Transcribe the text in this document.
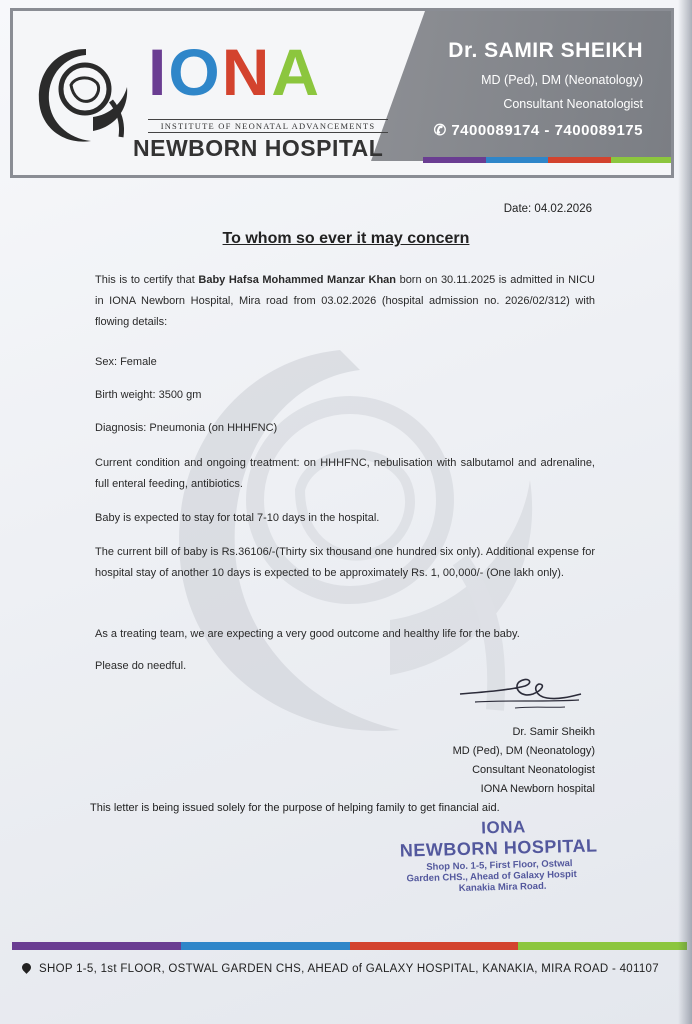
IONA
INSTITUTE OF NEONATAL ADVANCEMENTS
NEWBORN HOSPITAL
Dr. SAMIR SHEIKH
MD (Ped), DM (Neonatology)
Consultant Neonatologist
✆ 7400089174 - 7400089175
Date: 04.02.2026
To whom so ever it may concern
This is to certify that Baby Hafsa Mohammed Manzar Khan born on 30.11.2025 is admitted in NICU in IONA Newborn Hospital, Mira road from 03.02.2026 (hospital admission no. 2026/02/312) with flowing details:
Sex: Female
Birth weight: 3500 gm
Diagnosis: Pneumonia (on HHHFNC)
Current condition and ongoing treatment: on HHHFNC, nebulisation with salbutamol and adrenaline, full enteral feeding, antibiotics.
Baby is expected to stay for total 7-10 days in the hospital.
The current bill of baby is Rs.36106/-(Thirty six thousand one hundred six only). Additional expense for hospital stay of another 10 days is expected to be approximately Rs. 1, 00,000/- (One lakh only).
As a treating team, we are expecting a very good outcome and healthy life for the baby.
Please do needful.
Dr. Samir Sheikh
MD (Ped), DM (Neonatology)
Consultant Neonatologist
IONA Newborn hospital
This letter is being issued solely for the purpose of helping family to get financial aid.
IONA
NEWBORN HOSPITAL
Shop No. 1-5, First Floor, Ostwal
Garden CHS., Ahead of Galaxy Hospit
Kanakia Mira Road.
SHOP 1-5, 1st FLOOR, OSTWAL GARDEN CHS, AHEAD of GALAXY HOSPITAL, KANAKIA, MIRA ROAD - 401107
